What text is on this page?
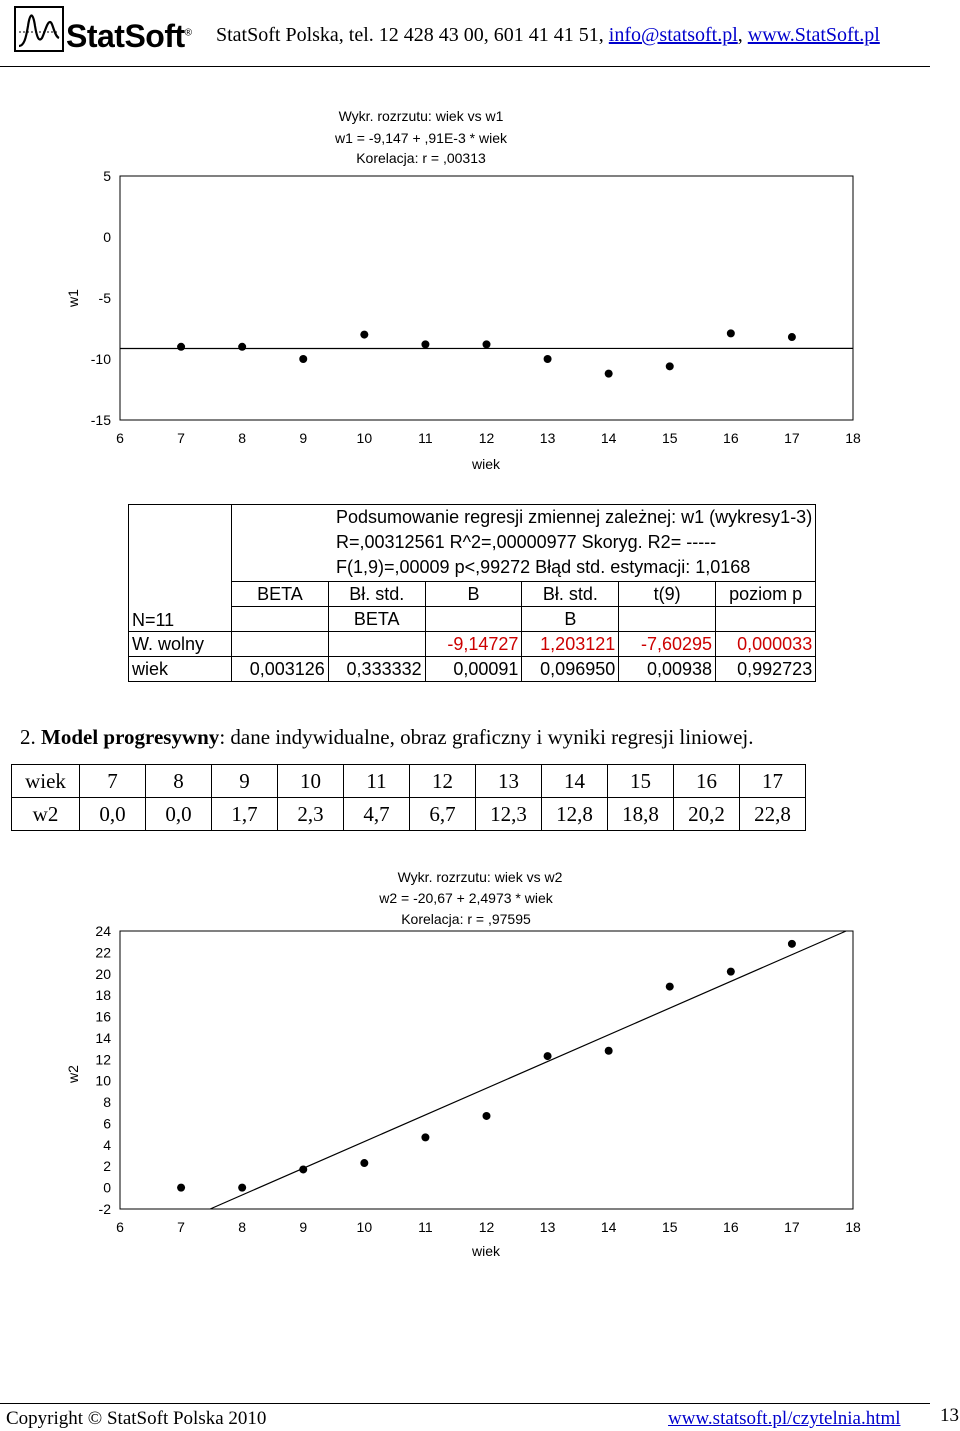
StatSoft® StatSoft Polska, tel. 12 428 43 00, 601 41 41 51, info@statsoft.pl, www.StatSoft.pl
Wykr. rozrzutu: wiek vs w1
w1 = -9,147 + ,91E-3 * wiek
Korelacja: r = ,00313
5
0
-5
-10
-15
6	7	8	9	10	11	12	13	14	15	16	17	18
wiek
w1

	Podsumowanie regresji zmiennej zależnej: w1 (wykresy1-3)
R=,00312561 R^2=,00000977 Skoryg. R2= -----
F(1,9)=,00009 p<,99272 Błąd std. estymacji: 1,0168					

N=11	BETA	Bł. std.	B	Bł. std.	t(9)	poziom p
		BETA		B		
W. wolny			-9,14727	1,203121	-7,60295	0,000033
wiek	0,003126	0,333332	0,00091	0,096950	0,00938	0,992723
2. Model progresywny: dane indywidualne, obraz graficzny i wyniki regresji liniowej.
wiek	7	8	9	10	11	12	13	14	15	16	17
w2	0,0	0,0	1,7	2,3	4,7	6,7	12,3	12,8	18,8	20,2	22,8
Wykr. rozrzutu: wiek vs w2
w2 = -20,67 + 2,4973 * wiek
Korelacja: r = ,97595
24
22
20
18
16
14
12
10
8
6
4
2
0
-2
6	7	8	9	10	11	12	13	14	15	16	17	18
wiek
w2
Copyright © StatSoft Polska 2010	www.statsoft.pl/czytelnia.html 13
